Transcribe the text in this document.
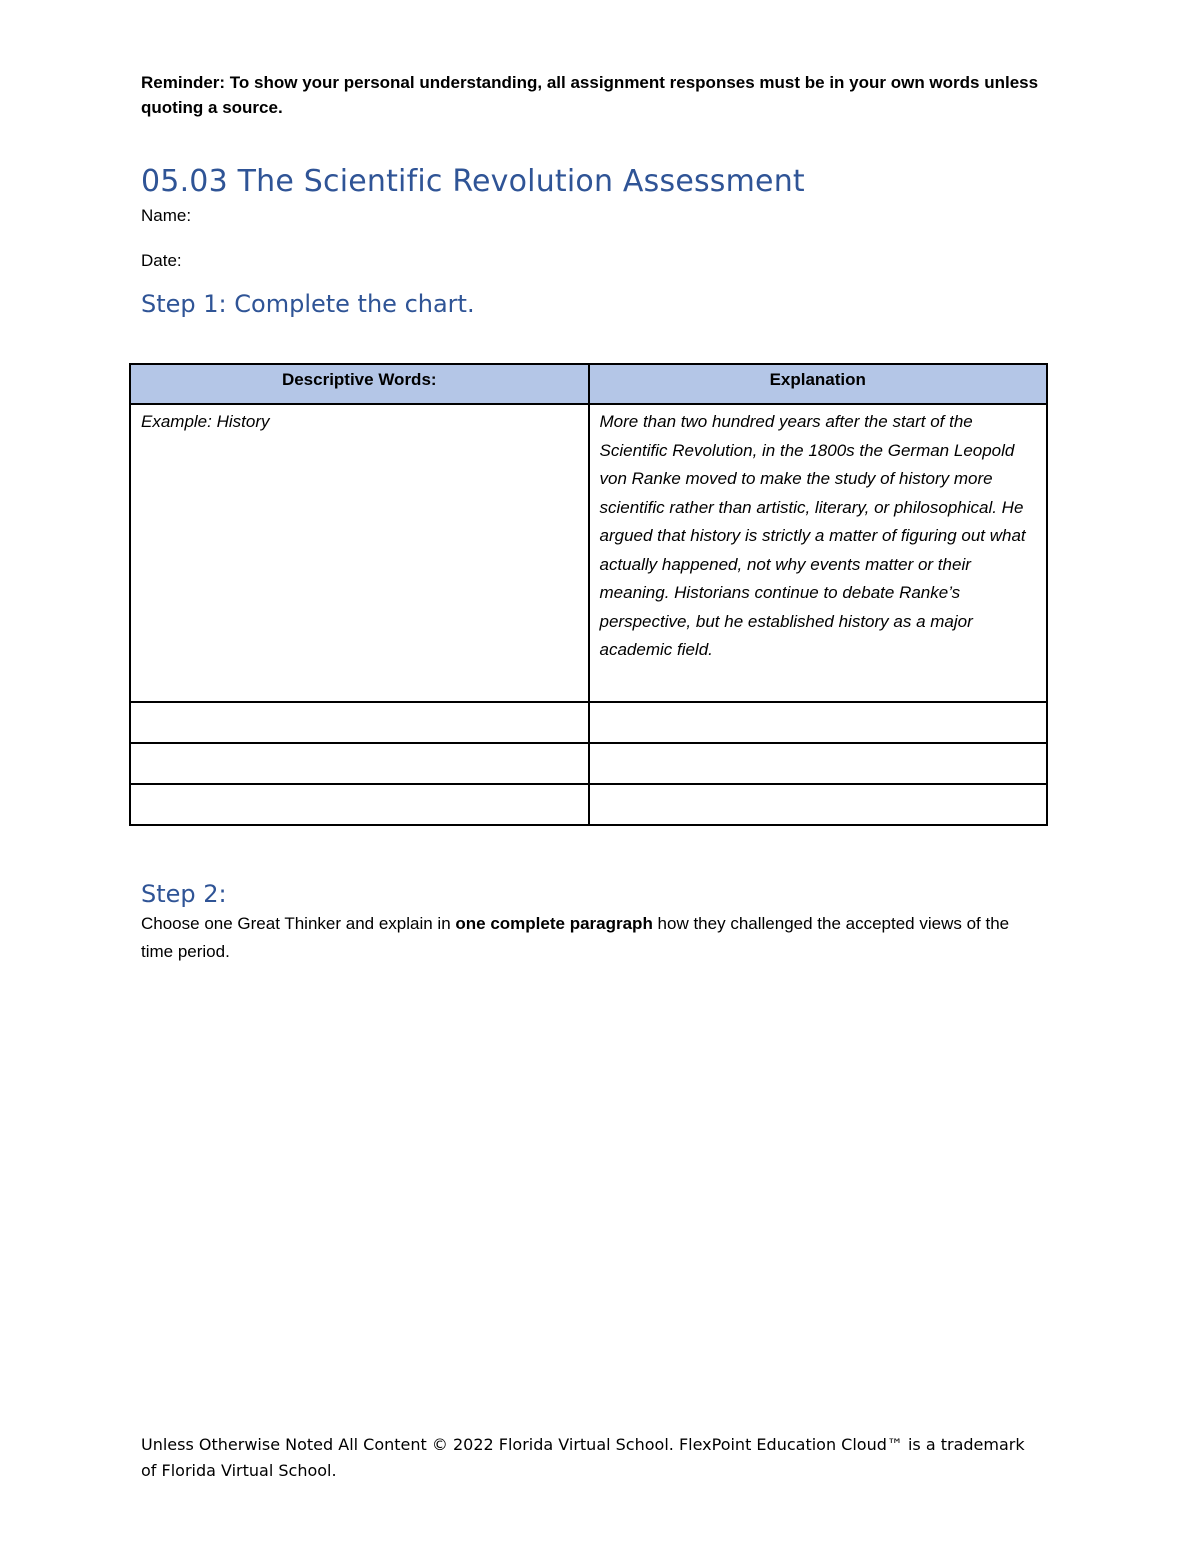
Reminder: To show your personal understanding, all assignment responses must be in your own words unless quoting a source.
05.03 The Scientific Revolution Assessment
Name:
Date:
Step 1: Complete the chart.
Descriptive Words:	Explanation

Example: History	More than two hundred years after the start of the Scientific Revolution, in the 1800s the German Leopold von Ranke moved to make the study of history more scientific rather than artistic, literary, or philosophical. He argued that history is strictly a matter of figuring out what actually happened, not why events matter or their meaning. Historians continue to debate Ranke’s perspective, but he established history as a major academic field.

Step 2:
Choose one Great Thinker and explain in one complete paragraph how they challenged the accepted views of the time period.
Unless Otherwise Noted All Content © 2022 Florida Virtual School. FlexPoint Education Cloud™ is a trademark of Florida Virtual School.
